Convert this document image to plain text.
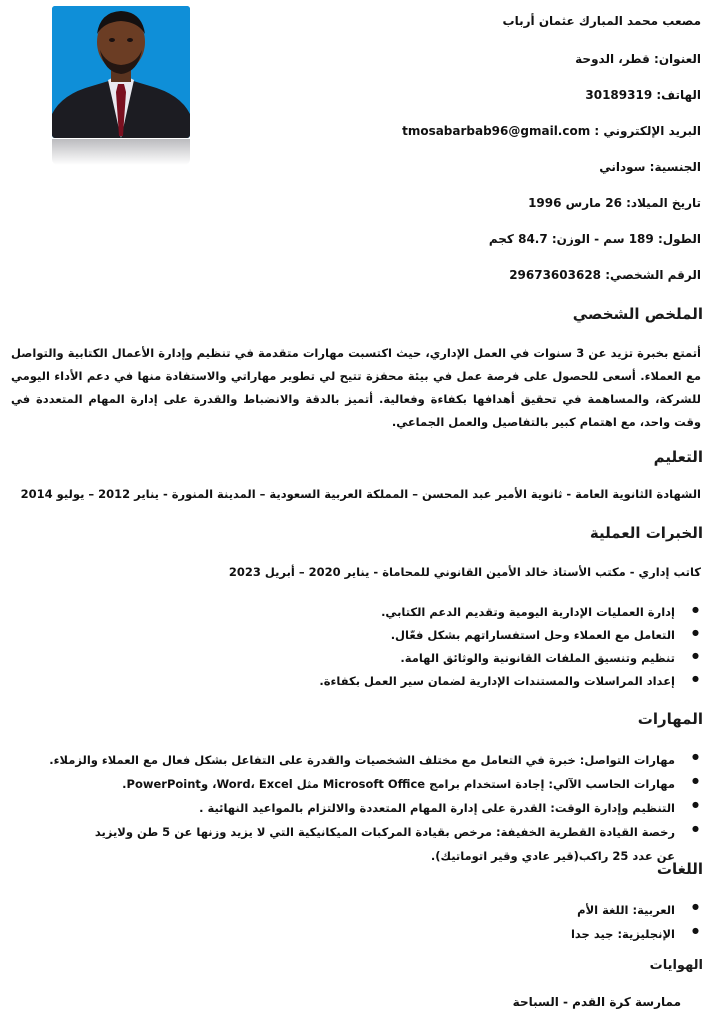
مصعب محمد المبارك عثمان أرباب
العنوان: قطر، الدوحة
الهاتف: 30189319
البريد الإلكتروني : tmosabarbab96@gmail.com
الجنسية: سوداني
تاريخ الميلاد: 26 مارس 1996
الطول: 189 سم - الوزن: 84.7 كجم
الرقم الشخصي: 29673603628
الملخص الشخصي
أتمتع بخبرة تزيد عن 3 سنوات في العمل الإداري، حيث اكتسبت مهارات متقدمة في تنظيم وإدارة الأعمال الكتابية والتواصل مع العملاء. أسعى للحصول على فرصة عمل في بيئة محفزة تتيح لي تطوير مهاراتي والاستفادة منها في دعم الأداء اليومي للشركة، والمساهمة في تحقيق أهدافها بكفاءة وفعالية. أتميز بالدقة والانضباط والقدرة على إدارة المهام المتعددة في وقت واحد، مع اهتمام كبير بالتفاصيل والعمل الجماعي.
التعليم
الشهادة الثانوية العامة - ثانوية الأمير عبد المحسن – المملكة العربية السعودية – المدينة المنورة - يناير 2012 – يوليو 2014
الخبرات العملية
كاتب إداري - مكتب الأستاذ خالد الأمين القانوني للمحاماة - يناير 2020 – أبريل 2023
● إدارة العمليات الإدارية اليومية وتقديم الدعم الكتابي.
● التعامل مع العملاء وحل استفساراتهم بشكل فعّال.
● تنظيم وتنسيق الملفات القانونية والوثائق الهامة.
● إعداد المراسلات والمستندات الإدارية لضمان سير العمل بكفاءة.
المهارات
● مهارات التواصل: خبرة في التعامل مع مختلف الشخصيات والقدرة على التفاعل بشكل فعال مع العملاء والزملاء.
● مهارات الحاسب الآلي: إجادة استخدام برامج Microsoft Office مثل Word، Excel، وPowerPoint.
● التنظيم وإدارة الوقت: القدرة على إدارة المهام المتعددة والالتزام بالمواعيد النهائية .
● رخصة القيادة القطرية الخفيفة: مرخص بقيادة المركبات الميكانيكية التي لا يزيد وزنها عن 5 طن ولايزيد عن عدد 25 راكب(قير عادي وقير اتوماتيك).
اللغات
● العربية: اللغة الأم
● الإنجليزية: جيد جدا
الهوايات
ممارسة كرة القدم - السباحة
